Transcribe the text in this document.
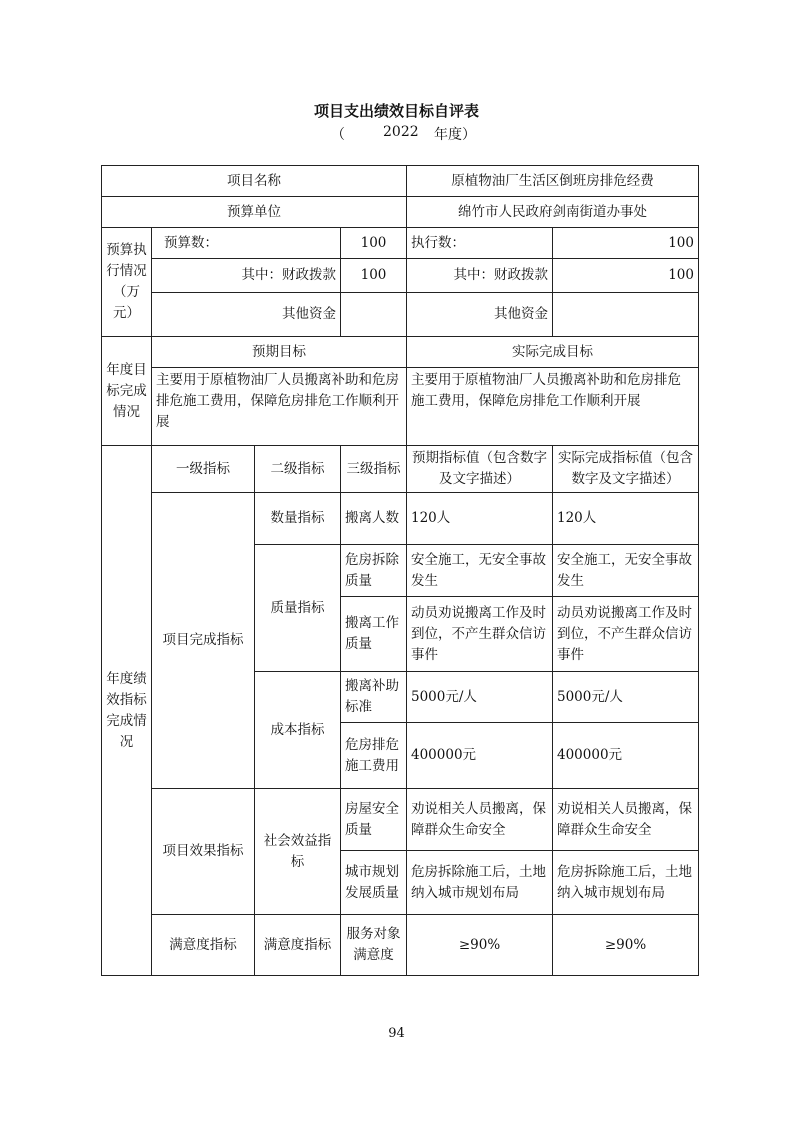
项目支出绩效目标自评表
（	2022 年度）
项目名称				原植物油厂生活区倒班房排危经费	
预算单位				绵竹市人民政府剑南街道办事处	
预算执行情况（万元）	预算数：		100	执行数：	100
	其中：财政拨款		100	其中：财政拨款	100
	其他资金			其他资金	
年度目标完成情况	预期目标			实际完成目标	
	主要用于原植物油厂人员搬离补助和危房排危施工费用，保障危房排危工作顺利开展			主要用于原植物油厂人员搬离补助和危房排危施工费用，保障危房排危工作顺利开展	
年度绩效指标完成情况	一级指标	二级指标	三级指标	预期指标值（包含数字及文字描述）	实际完成指标值（包含数字及文字描述）
	项目完成指标	数量指标	搬离人数	120人	120人
		质量指标	危房拆除质量	安全施工，无安全事故发生	安全施工，无安全事故发生
			搬离工作质量	动员劝说搬离工作及时到位，不产生群众信访事件	动员劝说搬离工作及时到位，不产生群众信访事件
		成本指标	搬离补助标准	5000元/人	5000元/人
			危房排危施工费用	400000元	400000元
	项目效果指标	社会效益指标	房屋安全质量	劝说相关人员搬离，保障群众生命安全	劝说相关人员搬离，保障群众生命安全
			城市规划发展质量	危房拆除施工后，土地纳入城市规划布局	危房拆除施工后，土地纳入城市规划布局
	满意度指标	满意度指标	服务对象满意度	≥90%	≥90%
94
